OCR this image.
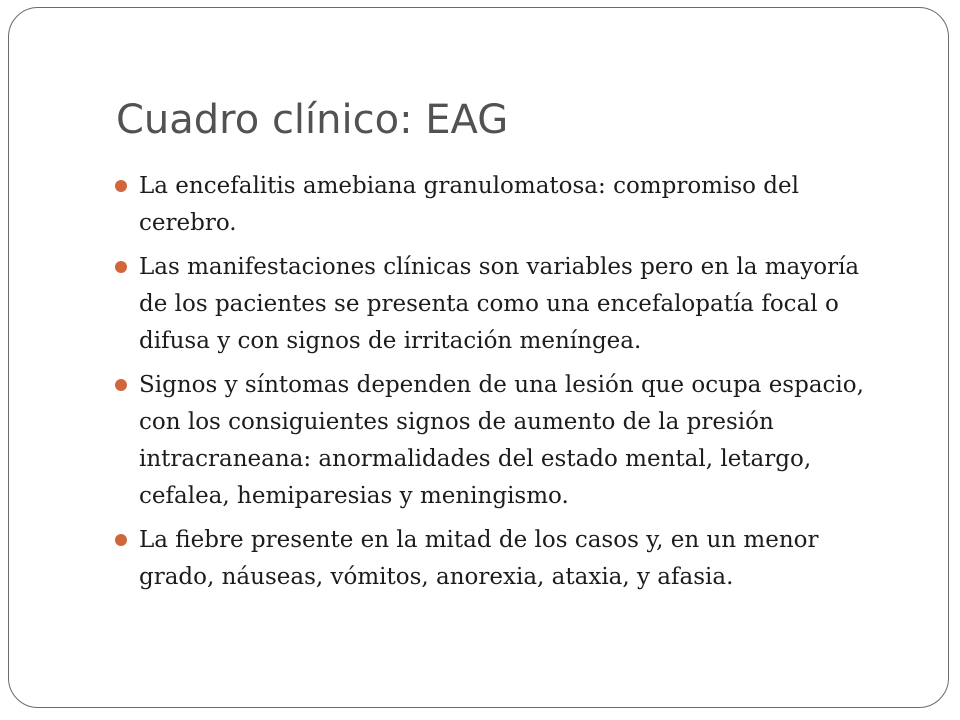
Cuadro clínico: EAG
La encefalitis amebiana granulomatosa: compromiso del cerebro.
Las manifestaciones clínicas son variables pero en la mayoría de los pacientes se presenta como una encefalopatía focal o difusa y con signos de irritación meníngea.
Signos y síntomas dependen de una lesión que ocupa espacio, con los consiguientes signos de aumento de la presión intracraneana: anormalidades del estado mental, letargo, cefalea, hemiparesias y meningismo.
La fiebre presente en la mitad de los casos y, en un menor grado, náuseas, vómitos, anorexia, ataxia, y afasia.
